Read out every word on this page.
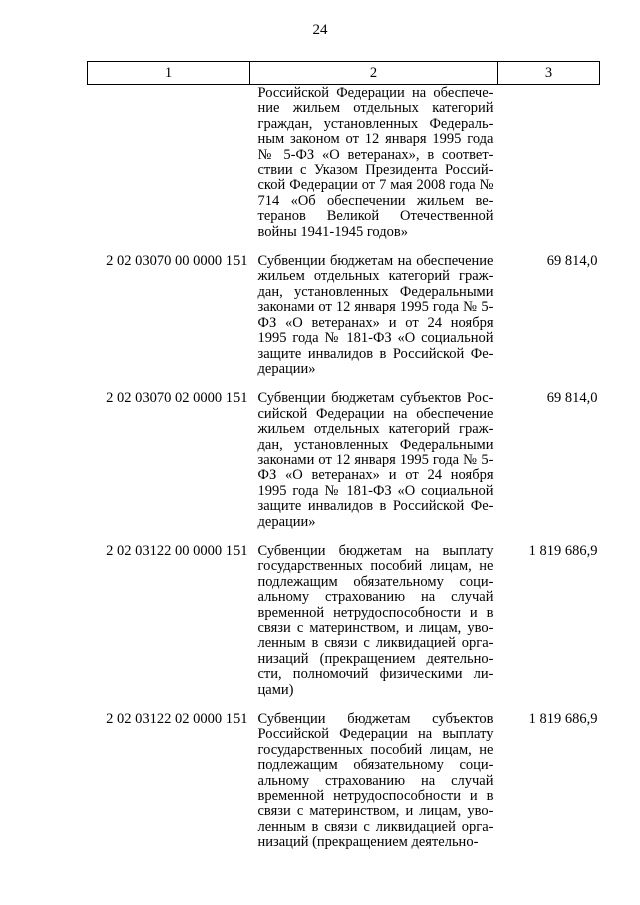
24
1	2	3
	Российской Федерации на обеспечение жильем отдельных категорий граждан, установленных Федеральным законом от 12 января 1995 года № 5-ФЗ «О ветеранах», в соответствии с Указом Президента Российской Федерации от 7 мая 2008 года № 714 «Об обеспечении жильем ветеранов Великой Отечественной войны 1941-1945 годов»	
2 02 03070 00 0000 151	Субвенции бюджетам на обеспечение жильем отдельных категорий граждан, установленных Федеральными законами от 12 января 1995 года № 5-ФЗ «О ветеранах» и от 24 ноября 1995 года № 181-ФЗ «О социальной защите инвалидов в Российской Федерации»	69 814,0
2 02 03070 02 0000 151	Субвенции бюджетам субъектов Российской Федерации на обеспечение жильем отдельных категорий граждан, установленных Федеральными законами от 12 января 1995 года № 5-ФЗ «О ветеранах» и от 24 ноября 1995 года № 181-ФЗ «О социальной защите инвалидов в Российской Федерации»	69 814,0
2 02 03122 00 0000 151	Субвенции бюджетам на выплату государственных пособий лицам, не подлежащим обязательному социальному страхованию на случай временной нетрудоспособности и в связи с материнством, и лицам, уволенным в связи с ликвидацией организаций (прекращением деятельности, полномочий физическими лицами)	1 819 686,9
2 02 03122 02 0000 151	Субвенции бюджетам субъектов Российской Федерации на выплату государственных пособий лицам, не подлежащим обязательному социальному страхованию на случай временной нетрудоспособности и в связи с материнством, и лицам, уволенным в связи с ликвидацией организаций (прекращением деятельно-	1 819 686,9
